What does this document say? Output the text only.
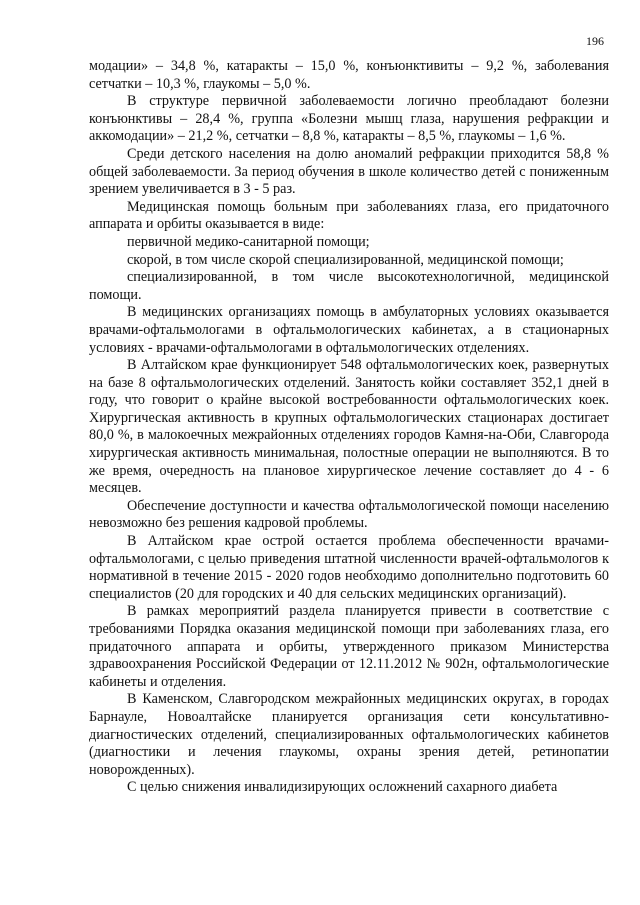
196

модации» – 34,8 %, катаракты – 15,0 %, конъюнктивиты – 9,2 %, заболевания сетчатки – 10,3 %, глаукомы – 5,0 %.

В структуре первичной заболеваемости логично преобладают болезни конъюнктивы – 28,4 %, группа «Болезни мышц глаза, нарушения рефракции и аккомодации» – 21,2 %, сетчатки – 8,8 %, катаракты – 8,5 %, глаукомы – 1,6 %.

Среди детского населения на долю аномалий рефракции приходится 58,8 % общей заболеваемости. За период обучения в школе количество детей с пониженным зрением увеличивается в 3 - 5 раз.

Медицинская помощь больным при заболеваниях глаза, его придаточного аппарата и орбиты оказывается в виде:

первичной медико-санитарной помощи;

скорой, в том числе скорой специализированной, медицинской помощи;

специализированной, в том числе высокотехнологичной, медицинской помощи.

В медицинских организациях помощь в амбулаторных условиях оказывается врачами-офтальмологами в офтальмологических кабинетах, а в стационарных условиях - врачами-офтальмологами в офтальмологических отделениях.

В Алтайском крае функционирует 548 офтальмологических коек, развернутых на базе 8 офтальмологических отделений. Занятость койки составляет 352,1 дней в году, что говорит о крайне высокой востребованности офтальмологических коек. Хирургическая активность в крупных офтальмологических стационарах достигает 80,0 %, в малокоечных межрайонных отделениях городов Камня-на-Оби, Славгорода хирургическая активность минимальная, полостные операции не выполняются. В то же время, очередность на плановое хирургическое лечение составляет до 4 - 6 месяцев.

Обеспечение доступности и качества офтальмологической помощи населению невозможно без решения кадровой проблемы.

В Алтайском крае острой остается проблема обеспеченности врачами-офтальмологами, с целью приведения штатной численности врачей-офтальмологов к нормативной в течение 2015 - 2020 годов необходимо дополнительно подготовить 60 специалистов (20 для городских и 40 для сельских медицинских организаций).

В рамках мероприятий раздела планируется привести в соответствие с требованиями Порядка оказания медицинской помощи при заболеваниях глаза, его придаточного аппарата и орбиты, утвержденного приказом Министерства здравоохранения Российской Федерации от 12.11.2012 № 902н, офтальмологические кабинеты и отделения.

В Каменском, Славгородском межрайонных медицинских округах, в городах Барнауле, Новоалтайске планируется организация сети консультативно-диагностических отделений, специализированных офтальмологических кабинетов (диагностики и лечения глаукомы, охраны зрения детей, ретинопатии новорожденных).

С целью снижения инвалидизирующих осложнений сахарного диабета
